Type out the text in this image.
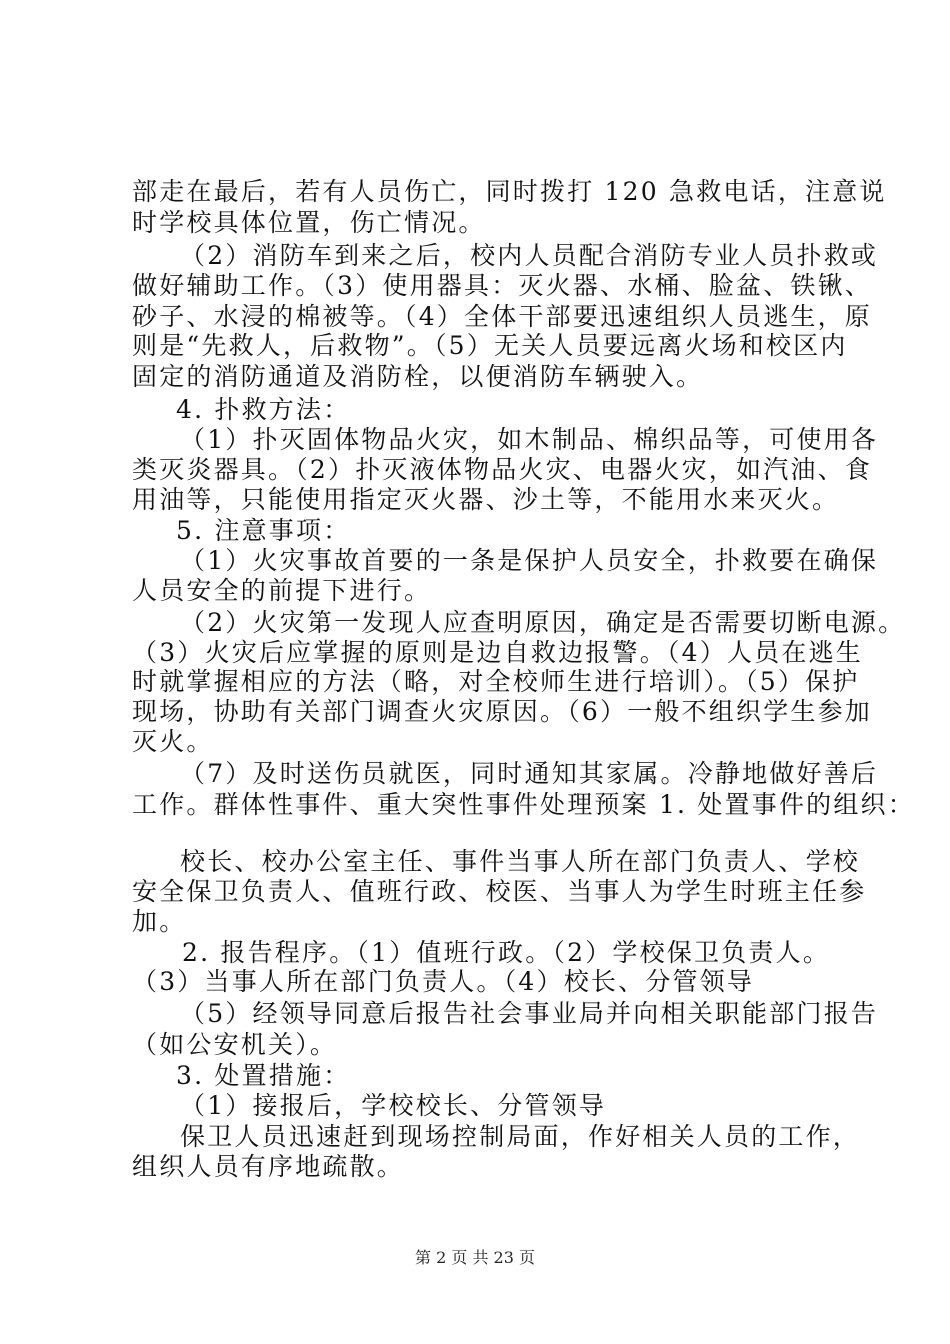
部走在最后，若有人员伤亡，同时拨打 120 急救电话，注意说
时学校具体位置，伤亡情况。
（2）消防车到来之后，校内人员配合消防专业人员扑救或
做好辅助工作。（3）使用器具：灭火器、水桶、脸盆、铁锹、
砂子、水浸的棉被等。（4）全体干部要迅速组织人员逃生，原
则是“先救人，后救物”。（5）无关人员要远离火场和校区内
固定的消防通道及消防栓，以便消防车辆驶入。
4. 扑救方法：
（1）扑灭固体物品火灾，如木制品、棉织品等，可使用各
类灭炎器具。（2）扑灭液体物品火灾、电器火灾，如汽油、食
用油等，只能使用指定灭火器、沙土等，不能用水来灭火。
5. 注意事项：
（1）火灾事故首要的一条是保护人员安全，扑救要在确保
人员安全的前提下进行。
（2）火灾第一发现人应查明原因，确定是否需要切断电源。
（3）火灾后应掌握的原则是边自救边报警。（4）人员在逃生
时就掌握相应的方法（略，对全校师生进行培训）。（5）保护
现场，协助有关部门调查火灾原因。（6）一般不组织学生参加
灭火。
（7）及时送伤员就医，同时通知其家属。冷静地做好善后
工作。群体性事件、重大突性事件处理预案 1. 处置事件的组织：
校长、校办公室主任、事件当事人所在部门负责人、学校
安全保卫负责人、值班行政、校医、当事人为学生时班主任参
加。
2. 报告程序。（1）值班行政。（2）学校保卫负责人。
（3）当事人所在部门负责人。（4）校长、分管领导
（5）经领导同意后报告社会事业局并向相关职能部门报告
（如公安机关）。
3. 处置措施：
（1）接报后，学校校长、分管领导
保卫人员迅速赶到现场控制局面，作好相关人员的工作，
组织人员有序地疏散。
第 2 页 共 23 页
